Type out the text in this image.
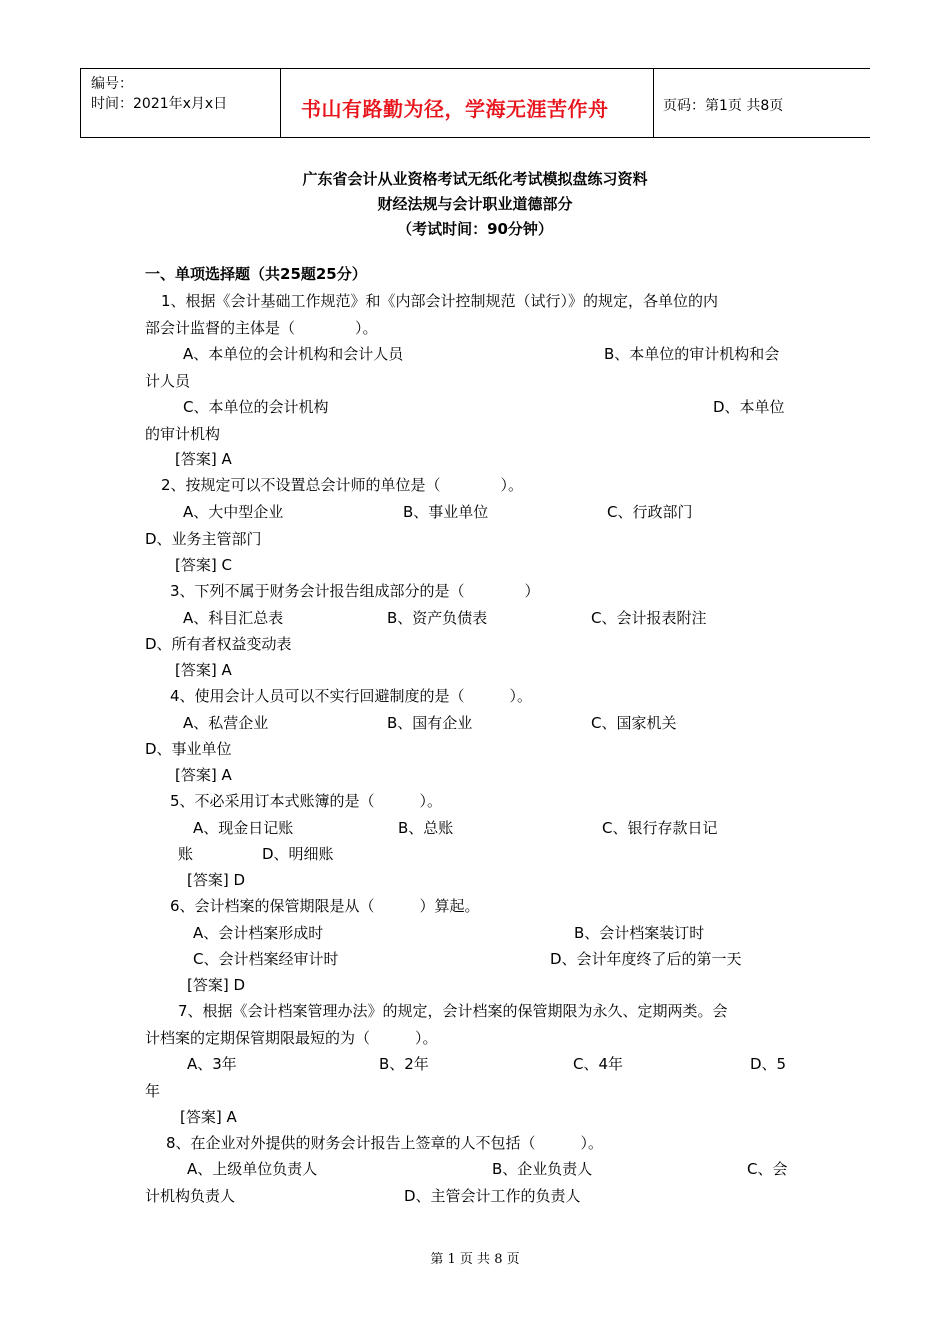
编号：
时间：2021年x月x日	书山有路勤为径，学海无涯苦作舟	页码：第1页 共8页
广东省会计从业资格考试无纸化考试模拟盘练习资料
财经法规与会计职业道德部分
（考试时间：90分钟）
一、单项选择题（共25题25分）
1、根据《会计基础工作规范》和《内部会计控制规范（试行）》的规定，各单位的内
部会计监督的主体是（　　　　）。
A、本单位的会计机构和会计人员	B、本单位的审计机构和会
计人员
C、本单位的会计机构	D、本单位
的审计机构
[答案] A
2、按规定可以不设置总会计师的单位是（　　　　）。
A、大中型企业	B、事业单位	C、行政部门
D、业务主管部门
[答案] C
3、下列不属于财务会计报告组成部分的是（　　　　）
A、科目汇总表	B、资产负债表	C、会计报表附注
D、所有者权益变动表
[答案] A
4、使用会计人员可以不实行回避制度的是（　　　）。
A、私营企业	B、国有企业	C、国家机关
D、事业单位
[答案] A
5、不必采用订本式账簿的是（　　　）。
A、现金日记账	B、总账	C、银行存款日记
账	D、明细账
[答案] D
6、会计档案的保管期限是从（　　　）算起。
A、会计档案形成时	B、会计档案装订时
C、会计档案经审计时	D、会计年度终了后的第一天
[答案] D
7、根据《会计档案管理办法》的规定，会计档案的保管期限为永久、定期两类。会
计档案的定期保管期限最短的为（　　　）。
A、3年	B、2年	C、4年	D、5
年
[答案] A
8、在企业对外提供的财务会计报告上签章的人不包括（　　　）。
A、上级单位负责人	B、企业负责人	C、会
计机构负责人	D、主管会计工作的负责人
第 1 页 共 8 页
